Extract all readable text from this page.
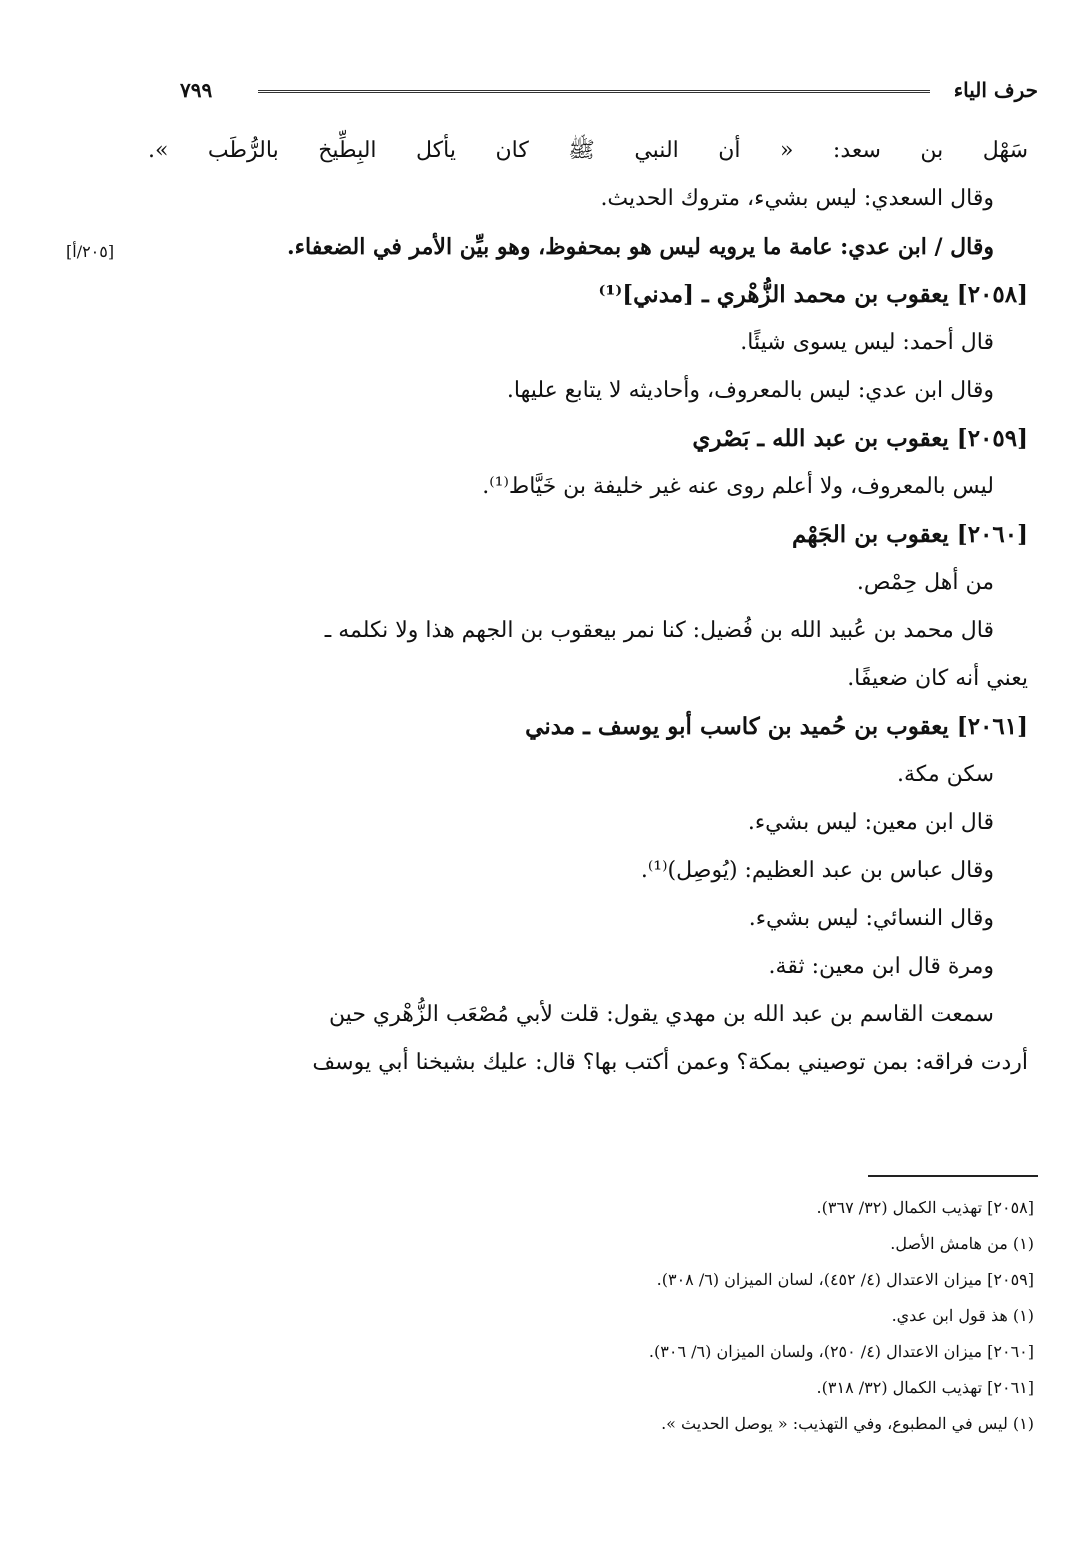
حرف الياء
٧٩٩
[٢٠٥/أ]
سَهْل بن سعد: « أن النبي ﷺ كان يأكل البِطِّيخ بالرُّطَب ».
وقال السعدي: ليس بشيء، متروك الحديث.
وقال / ابن عدي: عامة ما يرويه ليس هو بمحفوظ، وهو بيِّن الأمر في الضعفاء.
[٢٠٥٨] يعقوب بن محمد الزُّهْري ـ [مدني]⁽¹⁾
قال أحمد: ليس يسوى شيئًا.
وقال ابن عدي: ليس بالمعروف، وأحاديثه لا يتابع عليها.
[٢٠٥٩] يعقوب بن عبد الله ـ بَصْري
ليس بالمعروف، ولا أعلم روى عنه غير خليفة بن خَيَّاط⁽¹⁾.
[٢٠٦٠] يعقوب بن الجَهْم
من أهل حِمْص.
قال محمد بن عُبيد الله بن فُضيل: كنا نمر بيعقوب بن الجهم هذا ولا نكلمه ـ
يعني أنه كان ضعيفًا.
[٢٠٦١] يعقوب بن حُميد بن كاسب أبو يوسف ـ مدني
سكن مكة.
قال ابن معين: ليس بشيء.
وقال عباس بن عبد العظيم: (يُوصِل)⁽¹⁾.
وقال النسائي: ليس بشيء.
ومرة قال ابن معين: ثقة.
سمعت القاسم بن عبد الله بن مهدي يقول: قلت لأبي مُصْعَب الزُّهْري حين
أردت فراقه: بمن توصيني بمكة؟ وعمن أكتب بها؟ قال: عليك بشيخنا أبي يوسف
[٢٠٥٨] تهذيب الكمال (٣٢/ ٣٦٧).
(١) من هامش الأصل.
[٢٠٥٩] ميزان الاعتدال (٤/ ٤٥٢)، لسان الميزان (٦/ ٣٠٨).
(١) هذ قول ابن عدي.
[٢٠٦٠] ميزان الاعتدال (٤/ ٢٥٠)، ولسان الميزان (٦/ ٣٠٦).
[٢٠٦١] تهذيب الكمال (٣٢/ ٣١٨).
(١) ليس في المطبوع، وفي التهذيب: « يوصل الحديث ».
